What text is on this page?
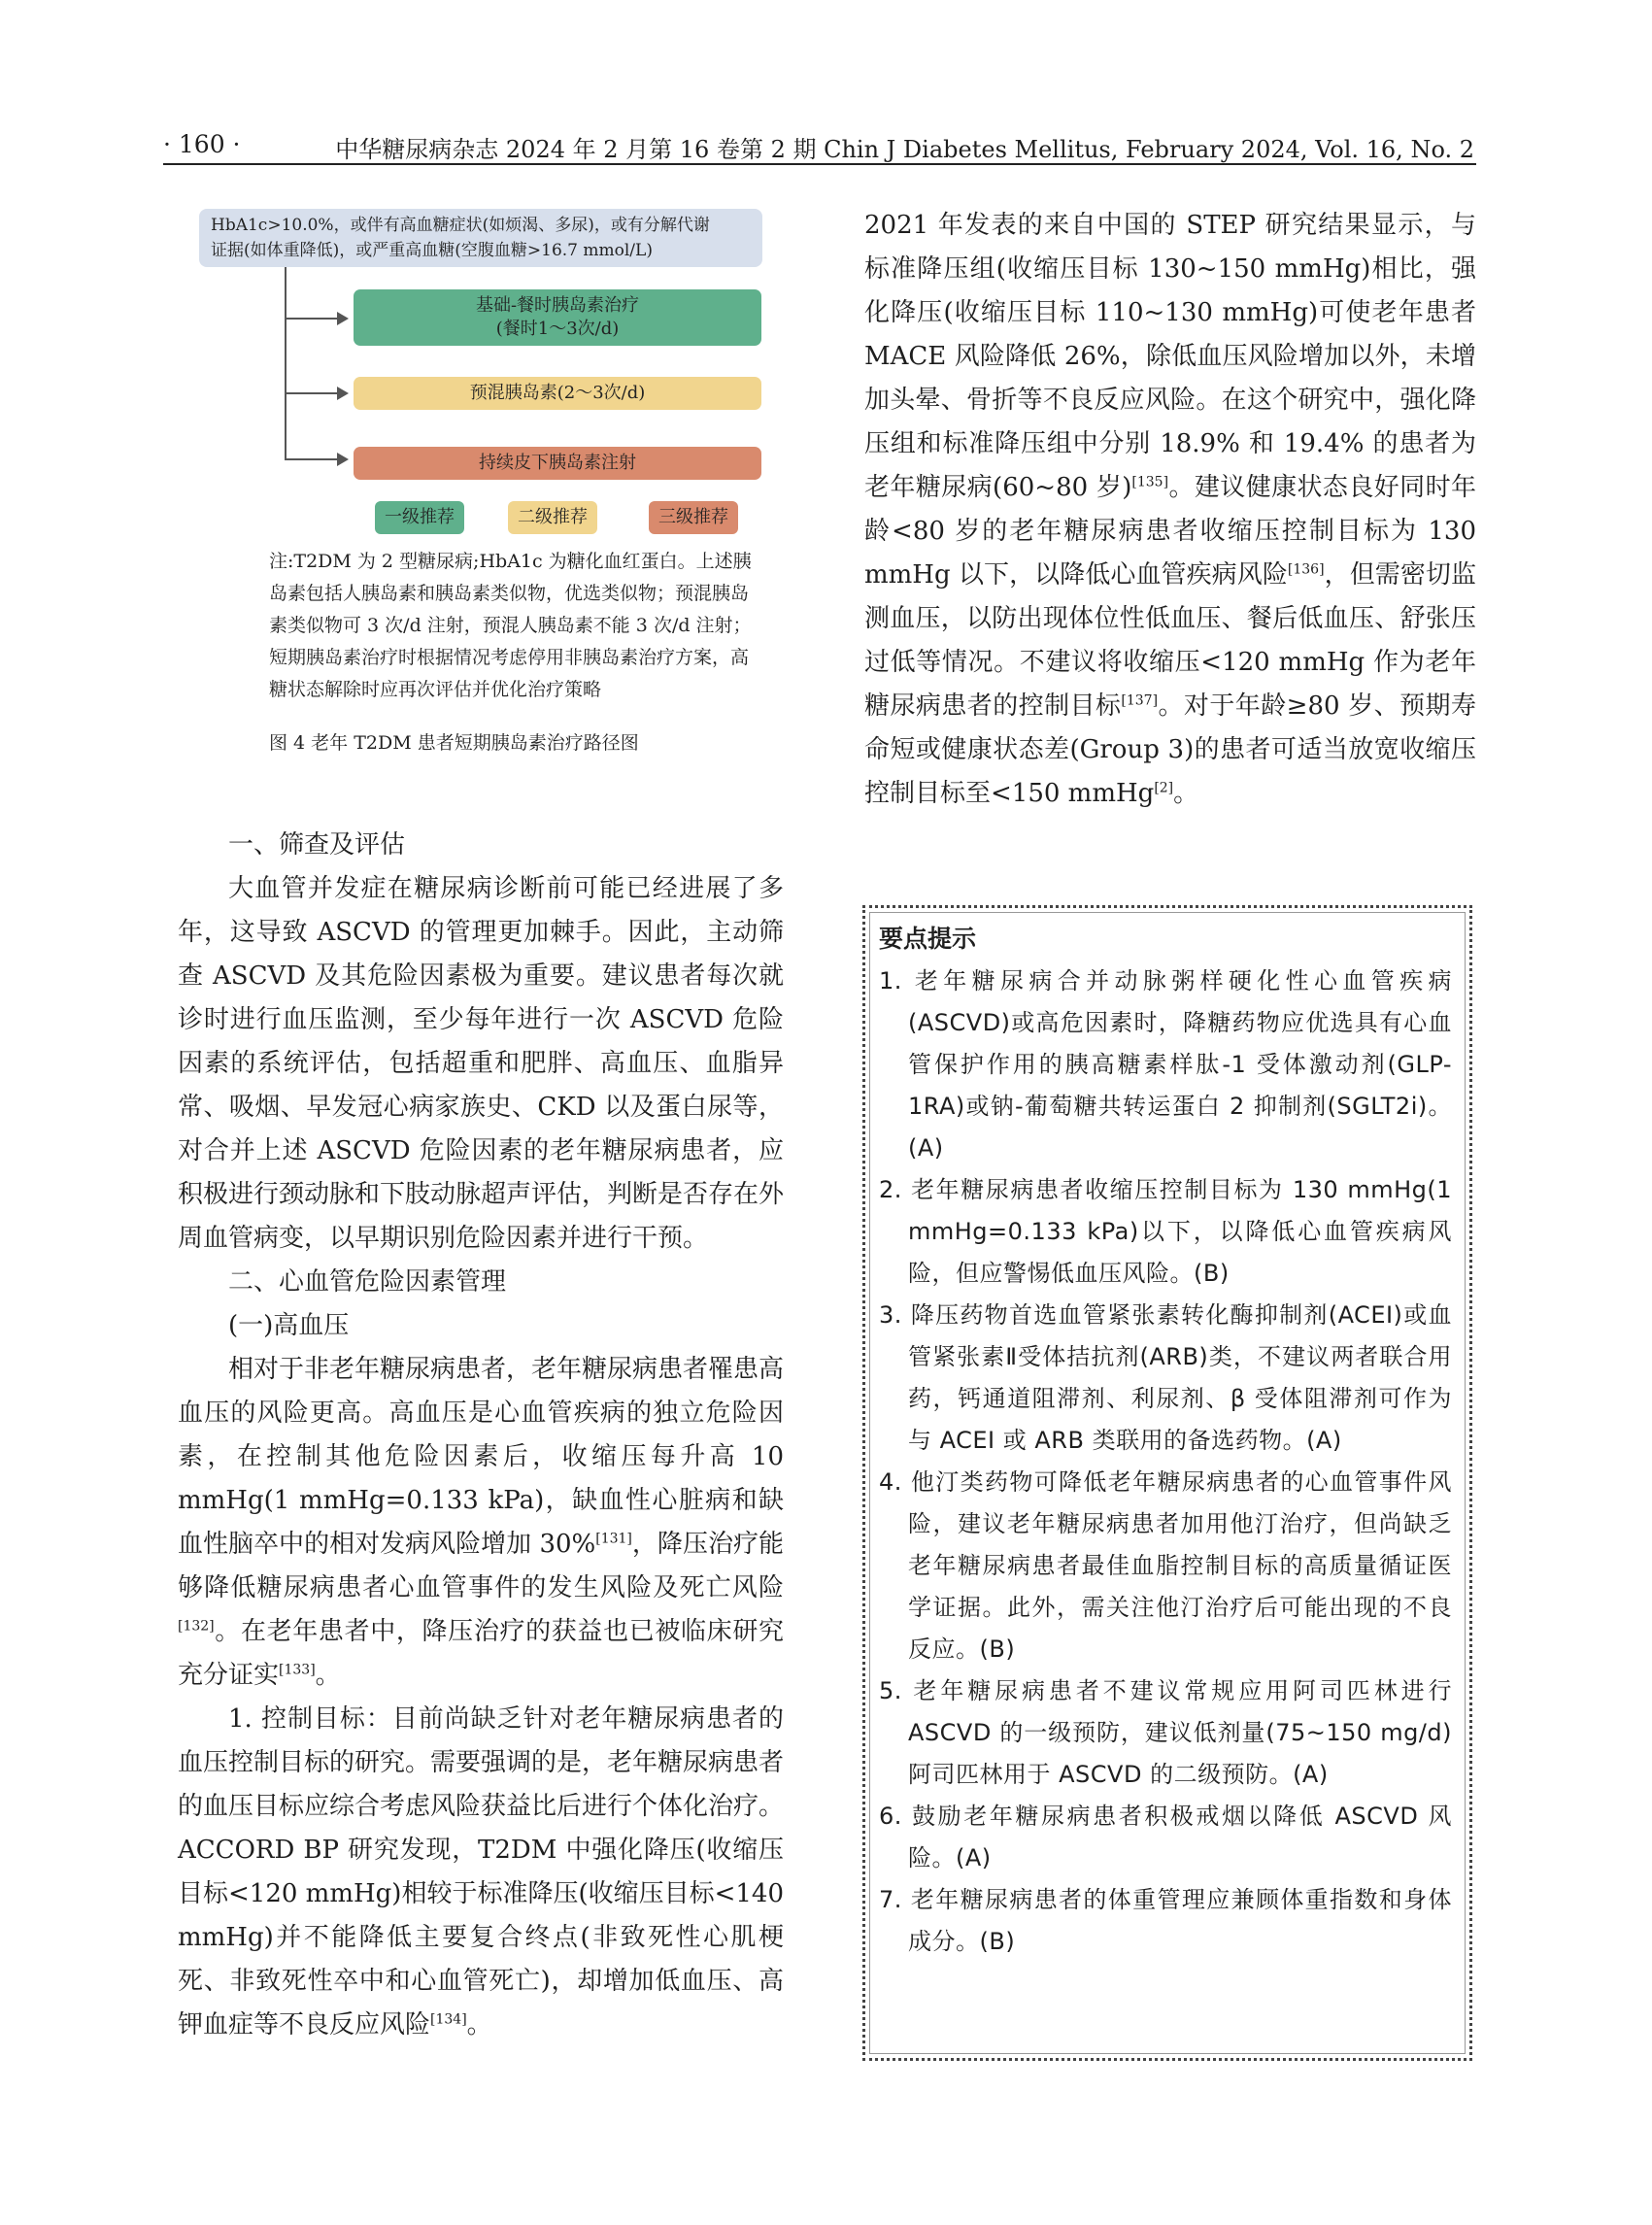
· 160 ·	中华糖尿病杂志 2024 年 2 月第 16 卷第 2 期 Chin J Diabetes Mellitus, February 2024, Vol. 16, No. 2
HbA1c>10.0%，或伴有高血糖症状(如烦渴、多尿)，或有分解代谢
证据(如体重降低)，或严重高血糖(空腹血糖>16.7 mmol/L)
基础-餐时胰岛素治疗
(餐时1～3次/d)
预混胰岛素(2～3次/d)
持续皮下胰岛素注射
一级推荐	二级推荐	三级推荐
注:T2DM 为 2 型糖尿病;HbA1c 为糖化血红蛋白。上述胰岛素包括人胰岛素和胰岛素类似物，优选类似物；预混胰岛素类似物可 3 次/d 注射，预混人胰岛素不能 3 次/d 注射；短期胰岛素治疗时根据情况考虑停用非胰岛素治疗方案，高糖状态解除时应再次评估并优化治疗策略
图 4 老年 T2DM 患者短期胰岛素治疗路径图

一、筛查及评估

大血管并发症在糖尿病诊断前可能已经进展了多年，这导致 ASCVD 的管理更加棘手。因此，主动筛查 ASCVD 及其危险因素极为重要。建议患者每次就诊时进行血压监测，至少每年进行一次 ASCVD 危险因素的系统评估，包括超重和肥胖、高血压、血脂异常、吸烟、早发冠心病家族史、CKD 以及蛋白尿等，对合并上述 ASCVD 危险因素的老年糖尿病患者，应积极进行颈动脉和下肢动脉超声评估，判断是否存在外周血管病变，以早期识别危险因素并进行干预。

二、心血管危险因素管理

(一)高血压

相对于非老年糖尿病患者，老年糖尿病患者罹患高血压的风险更高。高血压是心血管疾病的独立危险因素，在控制其他危险因素后，收缩压每升高 10 mmHg(1 mmHg=0.133 kPa)，缺血性心脏病和缺血性脑卒中的相对发病风险增加 30%[131]，降压治疗能够降低糖尿病患者心血管事件的发生风险及死亡风险[132]。在老年患者中，降压治疗的获益也已被临床研究充分证实[133]。

1. 控制目标：目前尚缺乏针对老年糖尿病患者的血压控制目标的研究。需要强调的是，老年糖尿病患者的血压目标应综合考虑风险获益比后进行个体化治疗。ACCORD BP 研究发现，T2DM 中强化降压(收缩压目标<120 mmHg)相较于标准降压(收缩压目标<140 mmHg)并不能降低主要复合终点(非致死性心肌梗死、非致死性卒中和心血管死亡)，却增加低血压、高钾血症等不良反应风险[134]。

2021 年发表的来自中国的 STEP 研究结果显示，与标准降压组(收缩压目标 130~150 mmHg)相比，强化降压(收缩压目标 110~130 mmHg)可使老年患者 MACE 风险降低 26%，除低血压风险增加以外，未增加头晕、骨折等不良反应风险。在这个研究中，强化降压组和标准降压组中分别 18.9% 和 19.4% 的患者为老年糖尿病(60~80 岁)[135]。建议健康状态良好同时年龄<80 岁的老年糖尿病患者收缩压控制目标为 130 mmHg 以下，以降低心血管疾病风险[136]，但需密切监测血压，以防出现体位性低血压、餐后低血压、舒张压过低等情况。不建议将收缩压<120 mmHg 作为老年糖尿病患者的控制目标[137]。对于年龄≥80 岁、预期寿命短或健康状态差(Group 3)的患者可适当放宽收缩压控制目标至<150 mmHg[2]。

要点提示

1. 老年糖尿病合并动脉粥样硬化性心血管疾病(ASCVD)或高危因素时，降糖药物应优选具有心血管保护作用的胰高糖素样肽-1 受体激动剂(GLP-1RA)或钠-葡萄糖共转运蛋白 2 抑制剂(SGLT2i)。(A)

2. 老年糖尿病患者收缩压控制目标为 130 mmHg(1 mmHg=0.133 kPa)以下，以降低心血管疾病风险，但应警惕低血压风险。(B)

3. 降压药物首选血管紧张素转化酶抑制剂(ACEI)或血管紧张素Ⅱ受体拮抗剂(ARB)类，不建议两者联合用药，钙通道阻滞剂、利尿剂、β 受体阻滞剂可作为与 ACEI 或 ARB 类联用的备选药物。(A)

4. 他汀类药物可降低老年糖尿病患者的心血管事件风险，建议老年糖尿病患者加用他汀治疗，但尚缺乏老年糖尿病患者最佳血脂控制目标的高质量循证医学证据。此外，需关注他汀治疗后可能出现的不良反应。(B)

5. 老年糖尿病患者不建议常规应用阿司匹林进行 ASCVD 的一级预防，建议低剂量(75~150 mg/d)阿司匹林用于 ASCVD 的二级预防。(A)

6. 鼓励老年糖尿病患者积极戒烟以降低 ASCVD 风险。(A)

7. 老年糖尿病患者的体重管理应兼顾体重指数和身体成分。(B)
